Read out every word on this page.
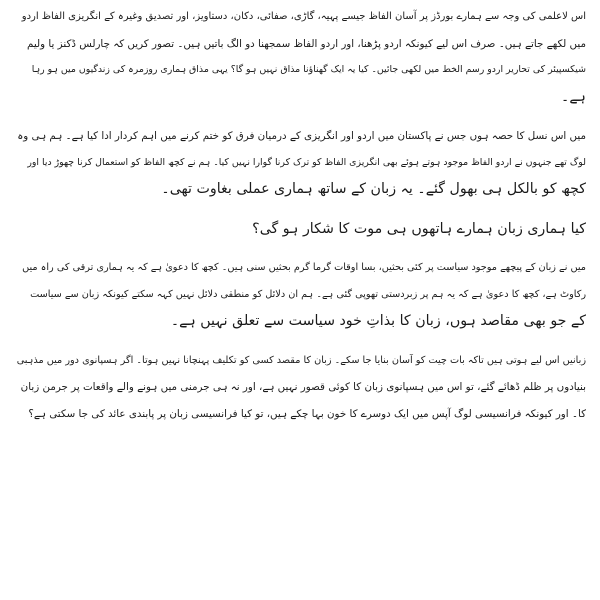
اس لاعلمی کی وجہ سے ہمارے بورڈز پر آسان الفاظ جیسے پہیہ، گاڑی، صفائی، دکان، دستاویز، اور تصدیق وغیرہ کے انگریزی الفاظ اردو
میں لکھے جاتے ہیں۔ صرف اس لیے کیونکہ اردو پڑھنا، اور اردو الفاظ سمجھنا دو الگ باتیں ہیں۔ تصور کریں کہ چارلس ڈکنز یا ولیم
شیکسپیئر کی تحاریر اردو رسم الخط میں لکھی جائیں۔ کیا یہ ایک گھناؤنا مذاق نہیں ہو گا؟ یہی مذاق ہماری روزمرہ کی زندگیوں میں ہو رہا
ہے۔
میں اس نسل کا حصہ ہوں جس نے پاکستان میں اردو اور انگریزی کے درمیان فرق کو ختم کرنے میں اہم کردار ادا کیا ہے۔ ہم ہی وہ
لوگ تھے جنہوں نے اردو الفاظ موجود ہوتے ہوئے بھی انگریزی الفاظ کو ترک کرنا گوارا نہیں کیا۔ ہم نے کچھ الفاظ کو استعمال کرنا چھوڑ دیا اور
کچھ کو بالکل ہی بھول گئے۔ یہ زبان کے ساتھ ہماری عملی بغاوت تھی۔
کیا ہماری زبان ہمارے ہاتھوں ہی موت کا شکار ہو گی؟
میں نے زبان کے پیچھے موجود سیاست پر کئی بحثیں، بسا اوقات گرما گرم بحثیں سنی ہیں۔ کچھ کا دعویٰ ہے کہ یہ ہماری ترقی کی راہ میں
رکاوٹ ہے، کچھ کا دعویٰ ہے کہ یہ ہم پر زبردستی تھوپی گئی ہے۔ ہم ان دلائل کو منطقی دلائل نہیں کہہ سکتے کیونکہ زبان سے سیاست
کے جو بھی مقاصد ہوں، زبان کا بذاتِ خود سیاست سے تعلق نہیں ہے۔
زبانیں اس لیے ہوتی ہیں تاکہ بات چیت کو آسان بنایا جا سکے۔ زبان کا مقصد کسی کو تکلیف پہنچانا نہیں ہوتا۔ اگر ہسپانوی دور میں مذہبی
بنیادوں پر ظلم ڈھائے گئے، تو اس میں ہسپانوی زبان کا کوئی قصور نہیں ہے، اور نہ ہی جرمنی میں ہونے والے واقعات پر جرمن زبان
کا۔ اور کیونکہ فرانسیسی لوگ آپس میں ایک دوسرے کا خون بہا چکے ہیں، تو کیا فرانسیسی زبان پر پابندی عائد کی جا سکتی ہے؟
